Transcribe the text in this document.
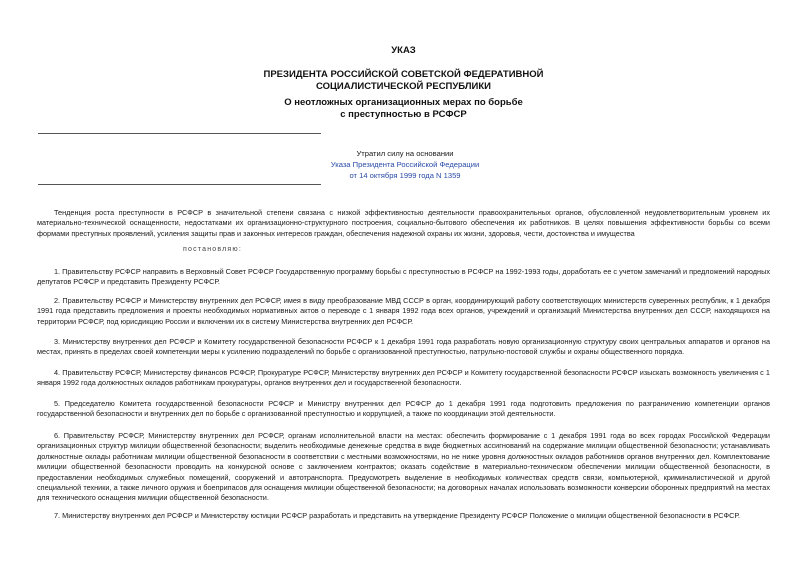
УКАЗ
ПРЕЗИДЕНТА РОССИЙСКОЙ СОВЕТСКОЙ ФЕДЕРАТИВНОЙ
СОЦИАЛИСТИЧЕСКОЙ РЕСПУБЛИКИ
О неотложных организационных мерах по борьбе
с преступностью в РСФСР
Утратил силу на основании
Указа Президента Российской Федерации
от 14 октября 1999 года N 1359
Тенденция роста преступности в РСФСР в значительной степени связана с низкой эффективностью деятельности правоохранительных органов, обусловленной неудовлетворительным уровнем их материально-технической оснащенности, недостатками их организационно-структурного построения, социально-бытового обеспечения их работников. В целях повышения эффективности борьбы со всеми формами преступных проявлений, усиления защиты прав и законных интересов граждан, обеспечения надежной охраны их жизни, здоровья, чести, достоинства и имущества
постановляю:
1. Правительству РСФСР направить в Верховный Совет РСФСР Государственную программу борьбы с преступностью в РСФСР на 1992-1993 годы, доработать ее с учетом замечаний и предложений народных депутатов РСФСР и представить Президенту РСФСР.
2. Правительству РСФСР и Министерству внутренних дел РСФСР, имея в виду преобразование МВД СССР в орган, координирующий работу соответствующих министерств суверенных республик, к 1 декабря 1991 года представить предложения и проекты необходимых нормативных актов о переводе с 1 января 1992 года всех органов, учреждений и организаций Министерства внутренних дел СССР, находящихся на территории РСФСР, под юрисдикцию России и включении их в систему Министерства внутренних дел РСФСР.
3. Министерству внутренних дел РСФСР и Комитету государственной безопасности РСФСР к 1 декабря 1991 года разработать новую организационную структуру своих центральных аппаратов и органов на местах, принять в пределах своей компетенции меры к усилению подразделений по борьбе с организованной преступностью, патрульно-постовой службы и охраны общественного порядка.
4. Правительству РСФСР, Министерству финансов РСФСР, Прокуратуре РСФСР, Министерству внутренних дел РСФСР и Комитету государственной безопасности РСФСР изыскать возможность увеличения с 1 января 1992 года должностных окладов работникам прокуратуры, органов внутренних дел и государственной безопасности.
5. Председателю Комитета государственной безопасности РСФСР и Министру внутренних дел РСФСР до 1 декабря 1991 года подготовить предложения по разграничению компетенции органов государственной безопасности и внутренних дел по борьбе с организованной преступностью и коррупцией, а также по координации этой деятельности.
6. Правительству РСФСР, Министерству внутренних дел РСФСР, органам исполнительной власти на местах: обеспечить формирование с 1 декабря 1991 года во всех городах Российской Федерации организационных структур милиции общественной безопасности; выделить необходимые денежные средства в виде бюджетных ассигнований на содержание милиции общественной безопасности; устанавливать должностные оклады работникам милиции общественной безопасности в соответствии с местными возможностями, но не ниже уровня должностных окладов работников органов внутренних дел. Комплектование милиции общественной безопасности проводить на конкурсной основе с заключением контрактов; оказать содействие в материально-техническом обеспечении милиции общественной безопасности, в предоставлении необходимых служебных помещений, сооружений и автотранспорта. Предусмотреть выделение в необходимых количествах средств связи, компьютерной, криминалистической и другой специальной техники, а также личного оружия и боеприпасов для оснащения милиции общественной безопасности; на договорных началах использовать возможности конверсии оборонных предприятий на местах для технического оснащения милиции общественной безопасности.
7. Министерству внутренних дел РСФСР и Министерству юстиции РСФСР разработать и представить на утверждение Президенту РСФСР Положение о милиции общественной безопасности в РСФСР.
